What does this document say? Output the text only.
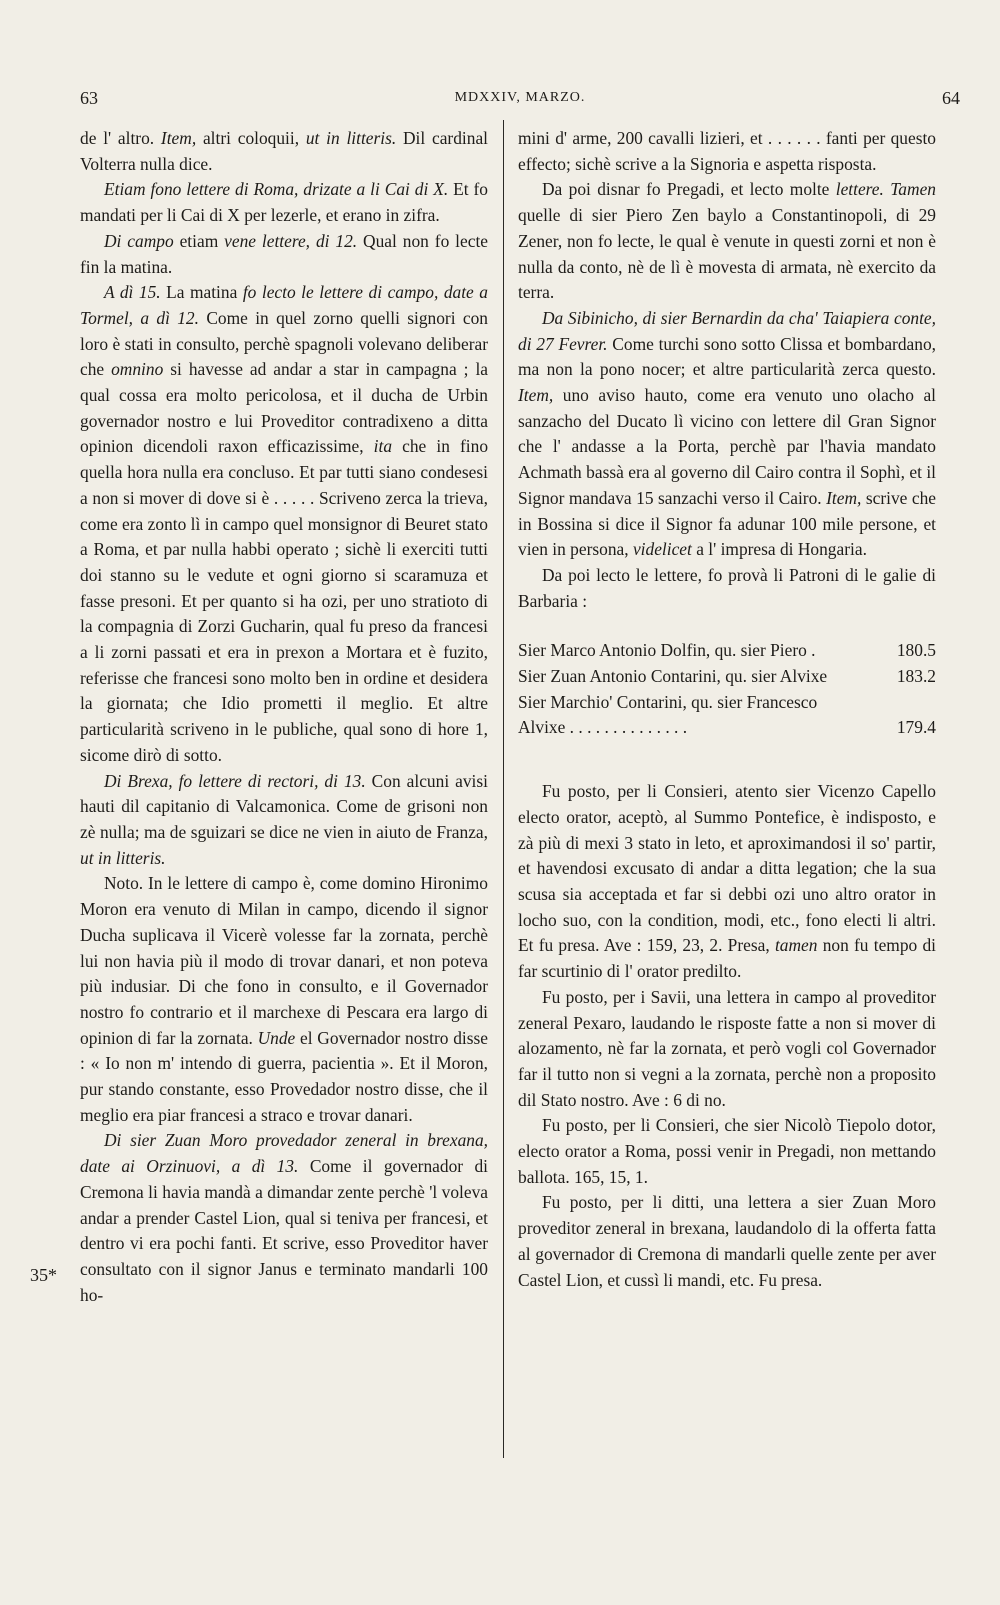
63	MDXXIV, MARZO.	64
35*

de l' altro. Item, altri coloquii, ut in litteris. Dil cardinal Volterra nulla dice.

Etiam fono lettere di Roma, drizate a li Cai di X. Et fo mandati per li Cai di X per lezerle, et erano in zifra.

Di campo etiam vene lettere, di 12. Qual non fo lecte fin la matina.

A dì 15. La matina fo lecto le lettere di campo, date a Tormel, a dì 12. Come in quel zorno quelli signori con loro è stati in consulto, perchè spagnoli volevano deliberar che omnino si havesse ad andar a star in campagna ; la qual cossa era molto pericolosa, et il ducha de Urbin governador nostro e lui Proveditor contradixeno a ditta opinion dicendoli raxon efficazissime, ita che in fino quella hora nulla era concluso. Et par tutti siano condesesi a non si mover di dove si è . . . . . Scriveno zerca la trieva, come era zonto lì in campo quel monsignor di Beuret stato a Roma, et par nulla habbi operato ; sichè li exerciti tutti doi stanno su le vedute et ogni giorno si scaramuza et fasse presoni. Et per quanto si ha ozi, per uno stratioto di la compagnia di Zorzi Gucharin, qual fu preso da francesi a li zorni passati et era in prexon a Mortara et è fuzito, referisse che francesi sono molto ben in ordine et desidera la giornata; che Idio prometti il meglio. Et altre particularità scriveno in le publiche, qual sono di hore 1, sicome dirò di sotto.

Di Brexa, fo lettere di rectori, di 13. Con alcuni avisi hauti dil capitanio di Valcamonica. Come de grisoni non zè nulla; ma de sguizari se dice ne vien in aiuto de Franza, ut in litteris.

Noto. In le lettere di campo è, come domino Hironimo Moron era venuto di Milan in campo, dicendo il signor Ducha suplicava il Vicerè volesse far la zornata, perchè lui non havia più il modo di trovar danari, et non poteva più indusiar. Di che fono in consulto, e il Governador nostro fo contrario et il marchexe di Pescara era largo di opinion di far la zornata. Unde el Governador nostro disse : « Io non m' intendo di guerra, pacientia ». Et il Moron, pur stando constante, esso Provedador nostro disse, che il meglio era piar francesi a straco e trovar danari.

Di sier Zuan Moro provedador zeneral in brexana, date ai Orzinuovi, a dì 13. Come il governador di Cremona li havia mandà a dimandar zente perchè 'l voleva andar a prender Castel Lion, qual si teniva per francesi, et dentro vi era pochi fanti. Et scrive, esso Proveditor haver consultato con il signor Janus e terminato mandarli 100 ho-

mini d' arme, 200 cavalli lizieri, et . . . . . . fanti per questo effecto; sichè scrive a la Signoria e aspetta risposta.

Da poi disnar fo Pregadi, et lecto molte lettere. Tamen quelle di sier Piero Zen baylo a Constantinopoli, di 29 Zener, non fo lecte, le qual è venute in questi zorni et non è nulla da conto, nè de lì è movesta di armata, nè exercito da terra.

Da Sibinicho, di sier Bernardin da cha' Taiapiera conte, di 27 Fevrer. Come turchi sono sotto Clissa et bombardano, ma non la pono nocer; et altre particularità zerca questo. Item, uno aviso hauto, come era venuto uno olacho al sanzacho del Ducato lì vicino con lettere dil Gran Signor che l' andasse a la Porta, perchè par l'havia mandato Achmath bassà era al governo dil Cairo contra il Sophì, et il Signor mandava 15 sanzachi verso il Cairo. Item, scrive che in Bossina si dice il Signor fa adunar 100 mile persone, et vien in persona, videlicet a l' impresa di Hongaria.

Da poi lecto le lettere, fo provà li Patroni di le galie di Barbaria :

Sier Marco Antonio Dolfin, qu. sier Piero .	180.5
Sier Zuan Antonio Contarini, qu. sier Alvixe	183.2
Sier Marchio' Contarini, qu. sier Francesco	
Alvixe . . . . . . . . . . . . . .	179.4

Fu posto, per li Consieri, atento sier Vicenzo Capello electo orator, aceptò, al Summo Pontefice, è indisposto, e zà più di mexi 3 stato in leto, et aproximandosi il so' partir, et havendosi excusato di andar a ditta legation; che la sua scusa sia acceptada et far si debbi ozi uno altro orator in locho suo, con la condition, modi, etc., fono electi li altri. Et fu presa. Ave : 159, 23, 2. Presa, tamen non fu tempo di far scurtinio di l' orator predilto.

Fu posto, per i Savii, una lettera in campo al proveditor zeneral Pexaro, laudando le risposte fatte a non si mover di alozamento, nè far la zornata, et però vogli col Governador far il tutto non si vegni a la zornata, perchè non a proposito dil Stato nostro. Ave : 6 di no.

Fu posto, per li Consieri, che sier Nicolò Tiepolo dotor, electo orator a Roma, possi venir in Pregadi, non mettando ballota. 165, 15, 1.

Fu posto, per li ditti, una lettera a sier Zuan Moro proveditor zeneral in brexana, laudandolo di la offerta fatta al governador di Cremona di mandarli quelle zente per aver Castel Lion, et cussì li mandi, etc. Fu presa.
